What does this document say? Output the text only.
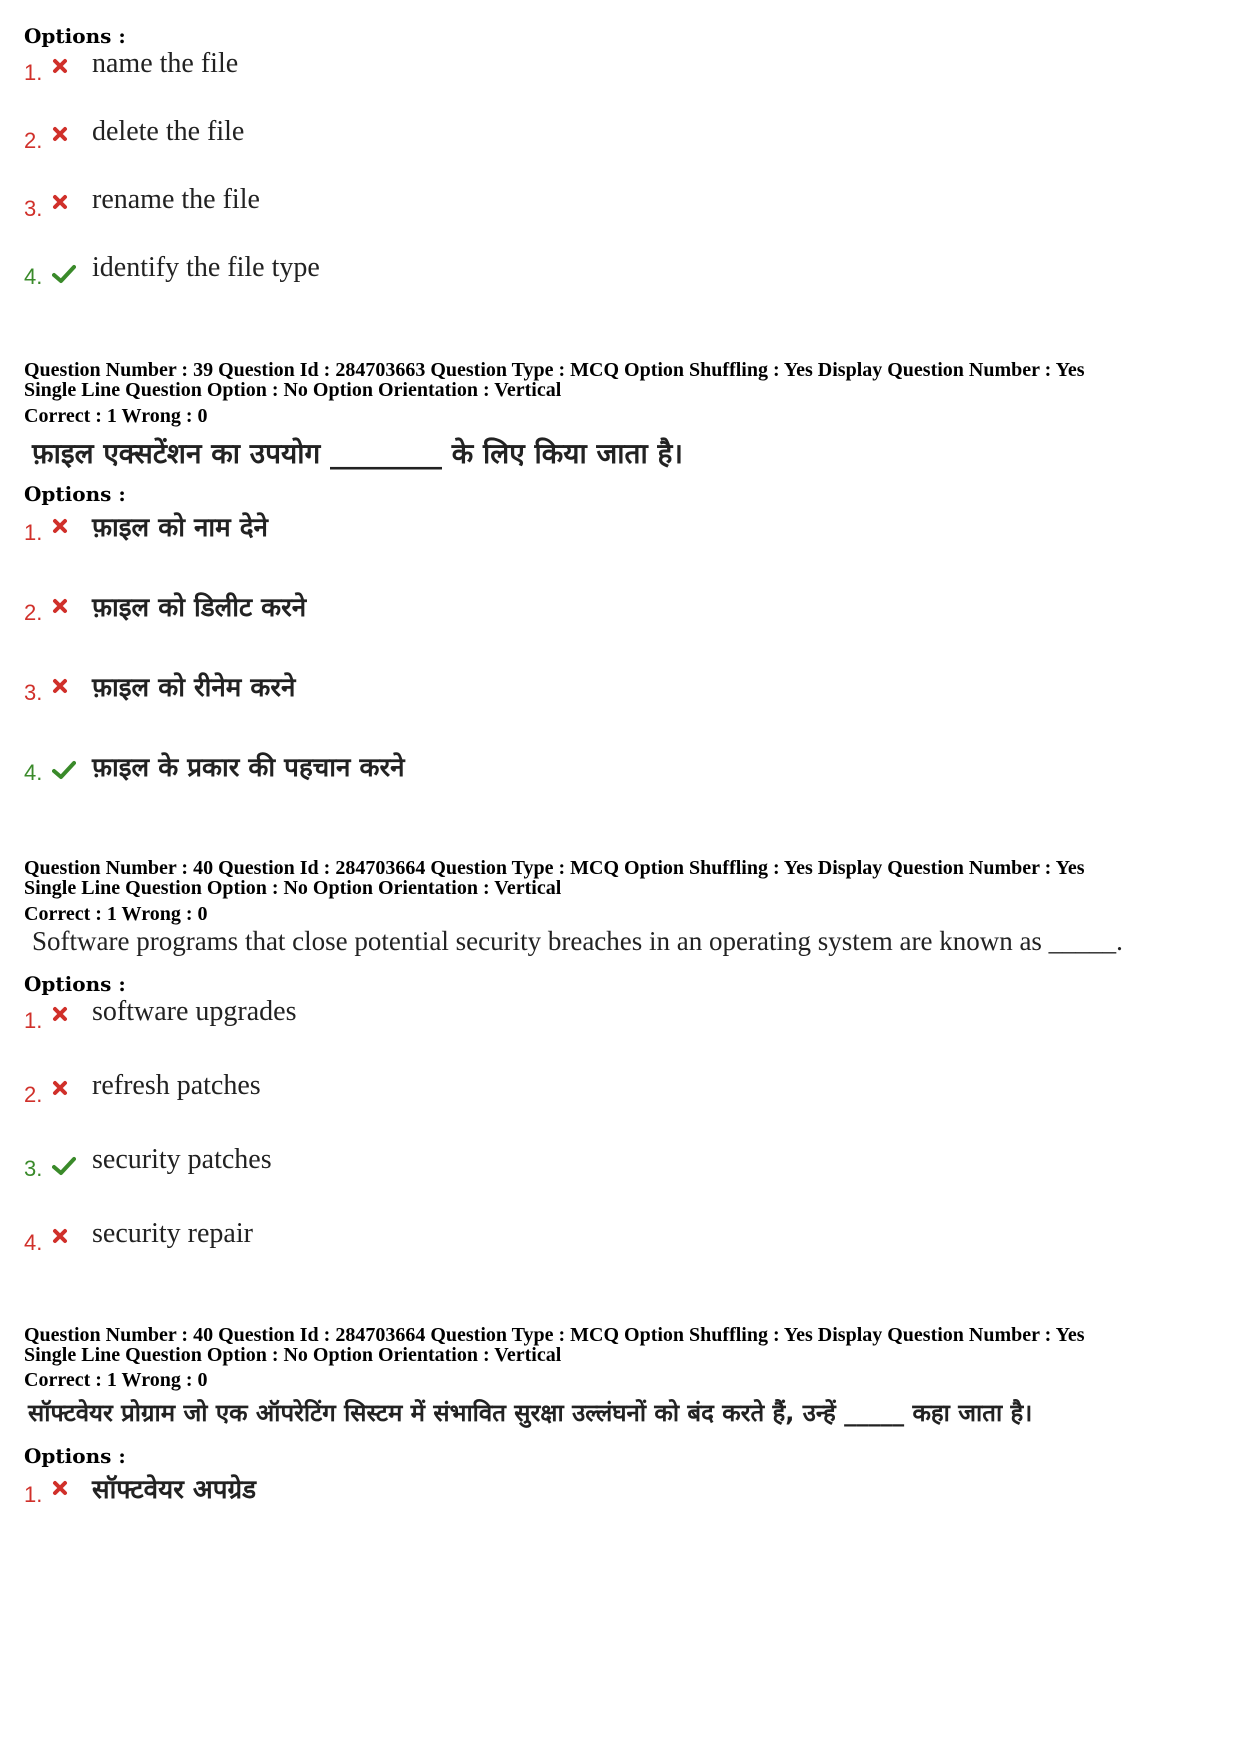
Options :
1. name the file
2. delete the file
3. rename the file
4. identify the file type
Question Number : 39 Question Id : 284703663 Question Type : MCQ Option Shuffling : Yes Display Question Number : Yes
Single Line Question Option : No Option Orientation : Vertical
Correct : 1 Wrong : 0
फ़ाइल एक्सटेंशन का उपयोग ________ के लिए किया जाता है।
Options :
1. फ़ाइल को नाम देने
2. फ़ाइल को डिलीट करने
3. फ़ाइल को रीनेम करने
4. फ़ाइल के प्रकार की पहचान करने
Question Number : 40 Question Id : 284703664 Question Type : MCQ Option Shuffling : Yes Display Question Number : Yes
Single Line Question Option : No Option Orientation : Vertical
Correct : 1 Wrong : 0
Software programs that close potential security breaches in an operating system are known as _____.
Options :
1. software upgrades
2. refresh patches
3. security patches
4. security repair
Question Number : 40 Question Id : 284703664 Question Type : MCQ Option Shuffling : Yes Display Question Number : Yes
Single Line Question Option : No Option Orientation : Vertical
Correct : 1 Wrong : 0
सॉफ्टवेयर प्रोग्राम जो एक ऑपरेटिंग सिस्टम में संभावित सुरक्षा उल्लंघनों को बंद करते हैं, उन्हें _____ कहा जाता है।
Options :
1. सॉफ्टवेयर अपग्रेड
